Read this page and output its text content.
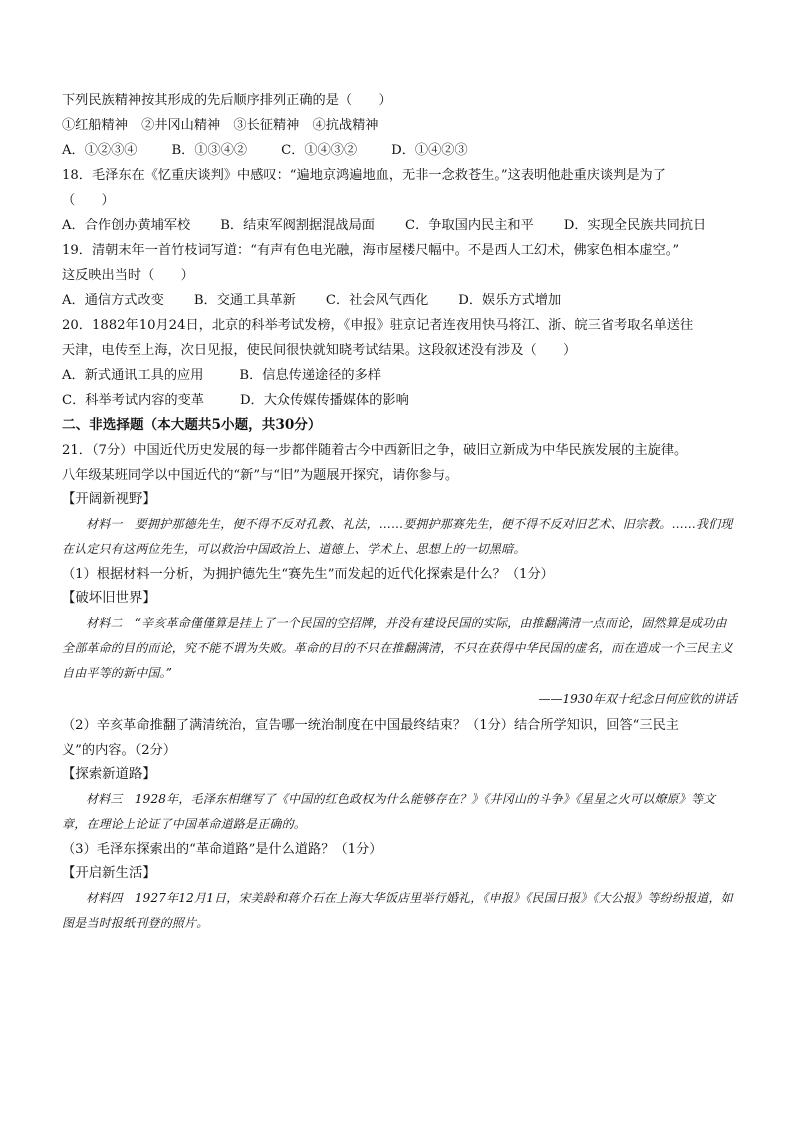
下列民族精神按其形成的先后顺序排列正确的是（　　）
①红船精神　②井冈山精神　③长征精神　④抗战精神
A．①②③④	B．①③④②	C．①④③②	D．①④②③
18．毛泽东在《忆重庆谈判》中感叹：“遍地京鸿遍地血，无非一念救苍生。”这表明他赴重庆谈判是为了
（　　）
A．合作创办黄埔军校 B．结束军阀割据混战局面 C．争取国内民主和平 D．实现全民族共同抗日
19．清朝末年一首竹枝词写道：“有声有色电光融，海市屋楼尺幅中。不是西人工幻术，佛家色相本虚空。”
这反映出当时（　　）
A．通信方式改变 B．交通工具革新 C．社会风气西化 D．娱乐方式增加
20．1882年10月24日，北京的科举考试发榜，《申报》驻京记者连夜用快马将江、浙、皖三省考取名单送往
天津，电传至上海，次日见报，使民间很快就知晓考试结果。这段叙述没有涉及（　　）
A．新式通讯工具的应用	B．信息传递途径的多样
C．科举考试内容的变革	D．大众传媒传播媒体的影响
二、非选择题（本大题共5小题，共30分）
21．（7分）中国近代历史发展的每一步都伴随着古今中西新旧之争，破旧立新成为中华民族发展的主旋律。
八年级某班同学以中国近代的“新”与“旧”为题展开探究，请你参与。
【开阔新视野】
材料一　要拥护那德先生，便不得不反对孔教、礼法，……要拥护那赛先生，便不得不反对旧艺术、旧宗教。……我们现在认定只有这两位先生，可以救治中国政治上、道德上、学术上、思想上的一切黑暗。
（1）根据材料一分析，为拥护德先生“赛先生”而发起的近代化探索是什么？（1分）
【破坏旧世界】
材料二　“辛亥革命僅僅算是挂上了一个民国的空招牌，并没有建设民国的实际，由推翻满清一点而论，固然算是成功由全部革命的目的而论，究不能不谓为失败。革命的目的不只在推翻满清，不只在获得中华民国的虚名，而在造成一个三民主义自由平等的新中国。”
——1930年双十纪念日何应钦的讲话
（2）辛亥革命推翻了满清统治，宣告哪一统治制度在中国最终结束？（1分）结合所学知识，回答“三民主
义”的内容。（2分）
【探索新道路】
材料三　1928年，毛泽东相继写了《中国的红色政权为什么能够存在？》《井冈山的斗争》《星星之火可以燎原》等文章，在理论上论证了中国革命道路是正确的。
（3）毛泽东探索出的“革命道路”是什么道路？（1分）
【开启新生活】
材料四　1927年12月1日，宋美龄和蒋介石在上海大华饭店里举行婚礼，《申报》《民国日报》《大公报》等纷纷报道，如图是当时报纸刊登的照片。
